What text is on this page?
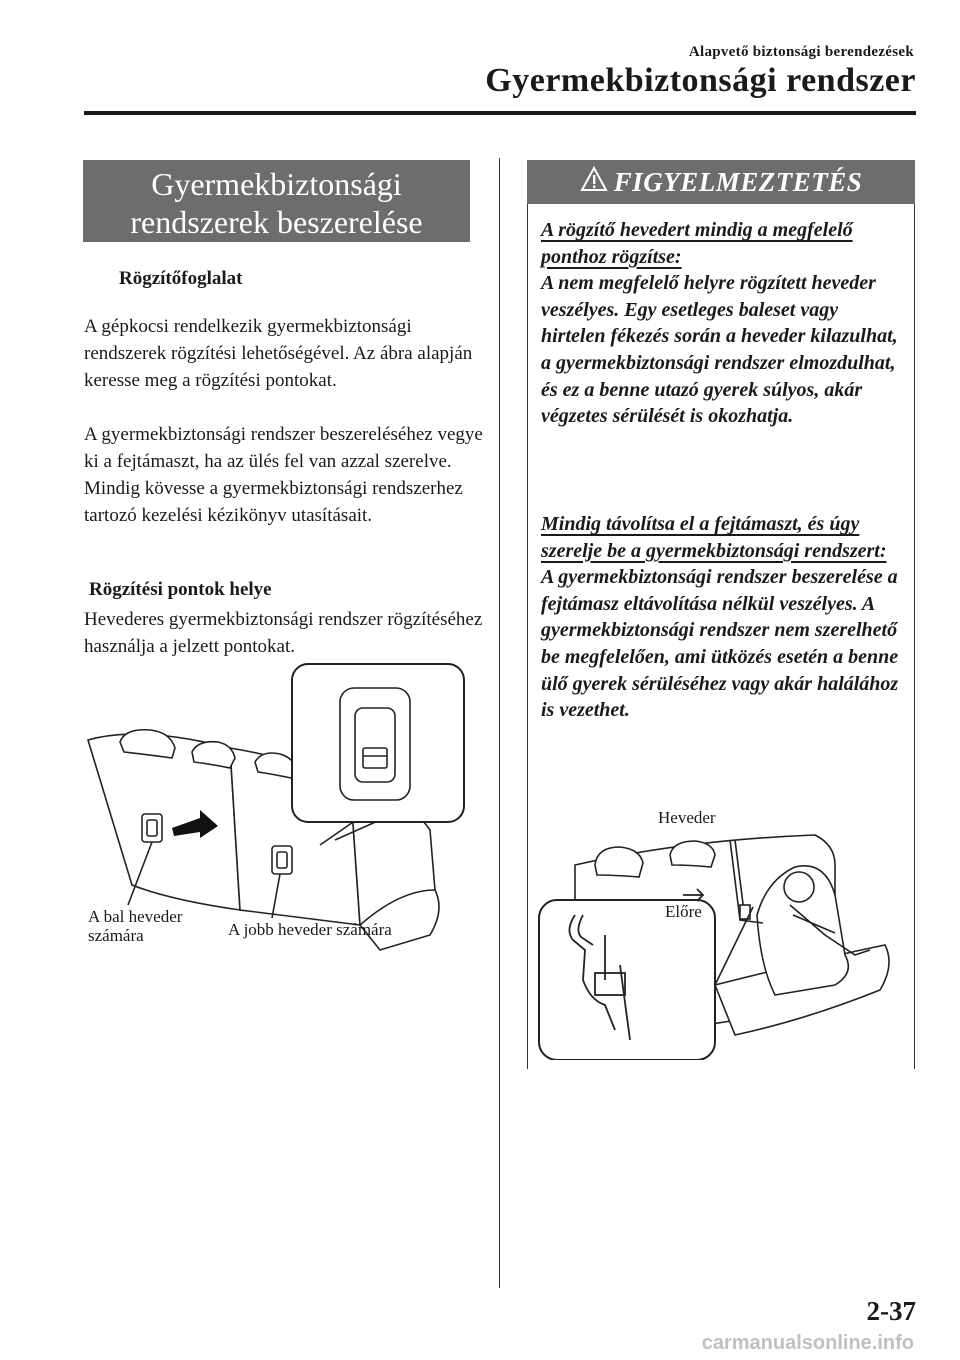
Alapvető biztonsági berendezések
Gyermekbiztonsági rendszer
Gyermekbiztonsági
rendszerek beszerelése
Rögzítőfoglalat
A gépkocsi rendelkezik gyermekbiztonsági rendszerek rögzítési lehetőségével. Az ábra alapján keresse meg a rögzítési pontokat.
A gyermekbiztonsági rendszer beszereléséhez vegye ki a fejtámaszt, ha az ülés fel van azzal szerelve. Mindig kövesse a gyermekbiztonsági rendszerhez tartozó kezelési kézikönyv utasításait.
Rögzítési pontok helye
Hevederes gyermekbiztonsági rendszer rögzítéséhez használja a jelzett pontokat.
A bal heveder
számára	A jobb heveder számára
FIGYELMEZTETÉS
A rögzítő hevedert mindig a megfelelő ponthoz rögzítse:
A nem megfelelő helyre rögzített heveder veszélyes. Egy esetleges baleset vagy hirtelen fékezés során a heveder kilazulhat, a gyermekbiztonsági rendszer elmozdulhat, és ez a benne utazó gyerek súlyos, akár végzetes sérülését is okozhatja.
Mindig távolítsa el a fejtámaszt, és úgy szerelje be a gyermekbiztonsági rendszert:
A gyermekbiztonsági rendszer beszerelése a fejtámasz eltávolítása nélkül veszélyes. A gyermekbiztonsági rendszer nem szerelhető be megfelelően, ami ütközés esetén a benne ülő gyerek sérüléséhez vagy akár halálához is vezethet.
Heveder
Előre
2-37
carmanualsonline.info
